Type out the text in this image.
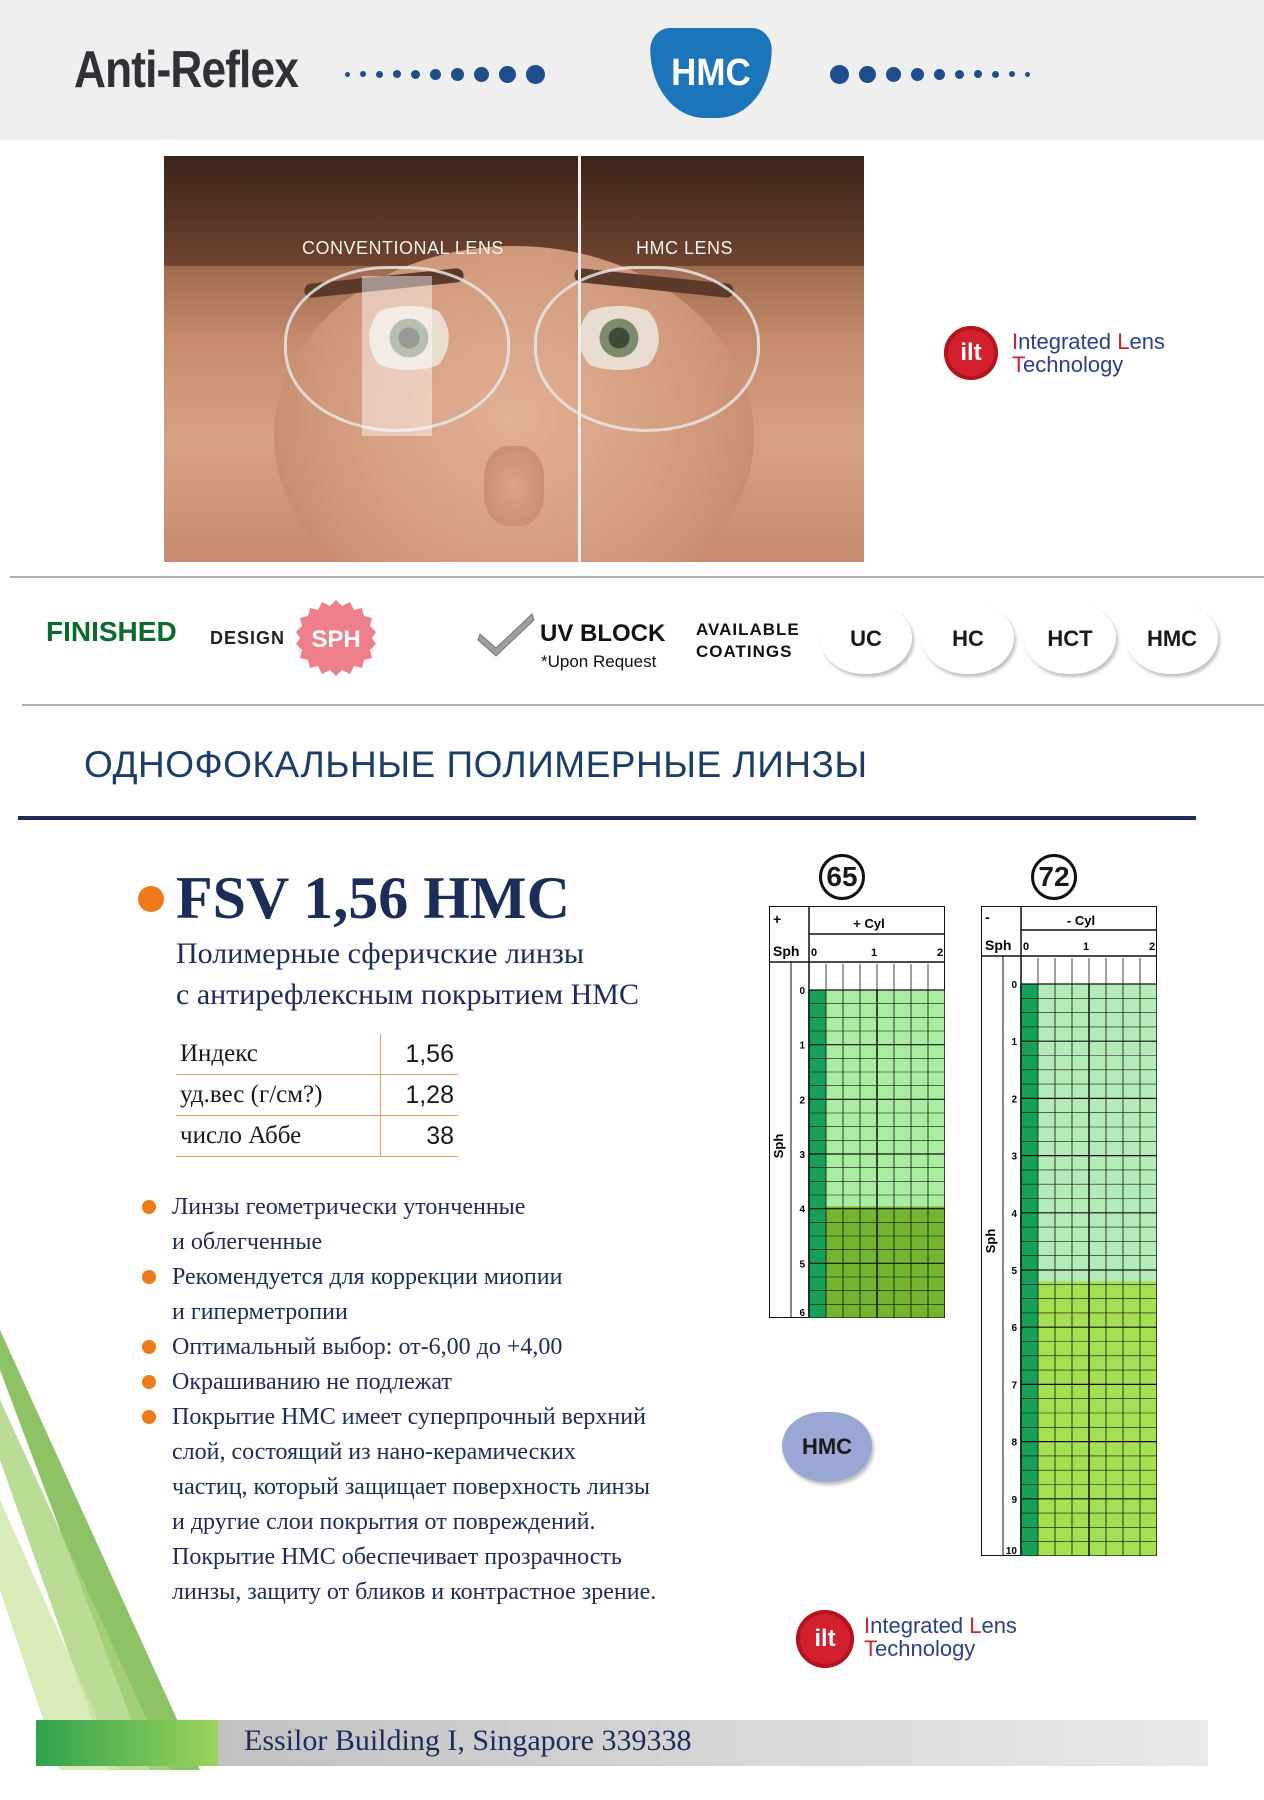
Anti-Reflex	HMC
CONVENTIONAL LENS	HMC LENS
ilt	Integrated Lens
Technology
FINISHED DESIGN SPH	UV BLOCK
*Upon Request
AVAILABLE
COATINGS
UC	HC	HCT HMC
ОДНОФОКАЛЬНЫЕ ПОЛИМЕРНЫЕ ЛИНЗЫ
FSV 1,56 HMC
Полимерные сферичские линзы
с антирефлексным покрытием HMC
Индекс	1,56
уд.вес (г/см?)	1,28
число Аббе	38
Линзы геометрически утонченные
и облегченные
Рекомендуется для коррекции миопии
и гиперметропии
Оптимальный выбор: от-6,00 до +4,00
Окрашиванию не подлежат
Покрытие HMC имеет суперпрочный верхний
слой, состоящий из нано-керамических
частиц, который защищает поверхность линзы
и другие слои покрытия от повреждений.
Покрытие HMC обеспечивает прозрачность
линзы, защиту от бликов и контрастное зрение.
65
+	+ Cyl
Sph 0	1	2
Sph
0
1
2
3
4
5
6
72
-	- Cyl
Sph 0	1	2
Sph
0
1
2
3
4
5
6
7
8
9
10
HMC
ilt	Integrated Lens
Technology
Essilor Building I, Singapore 339338
